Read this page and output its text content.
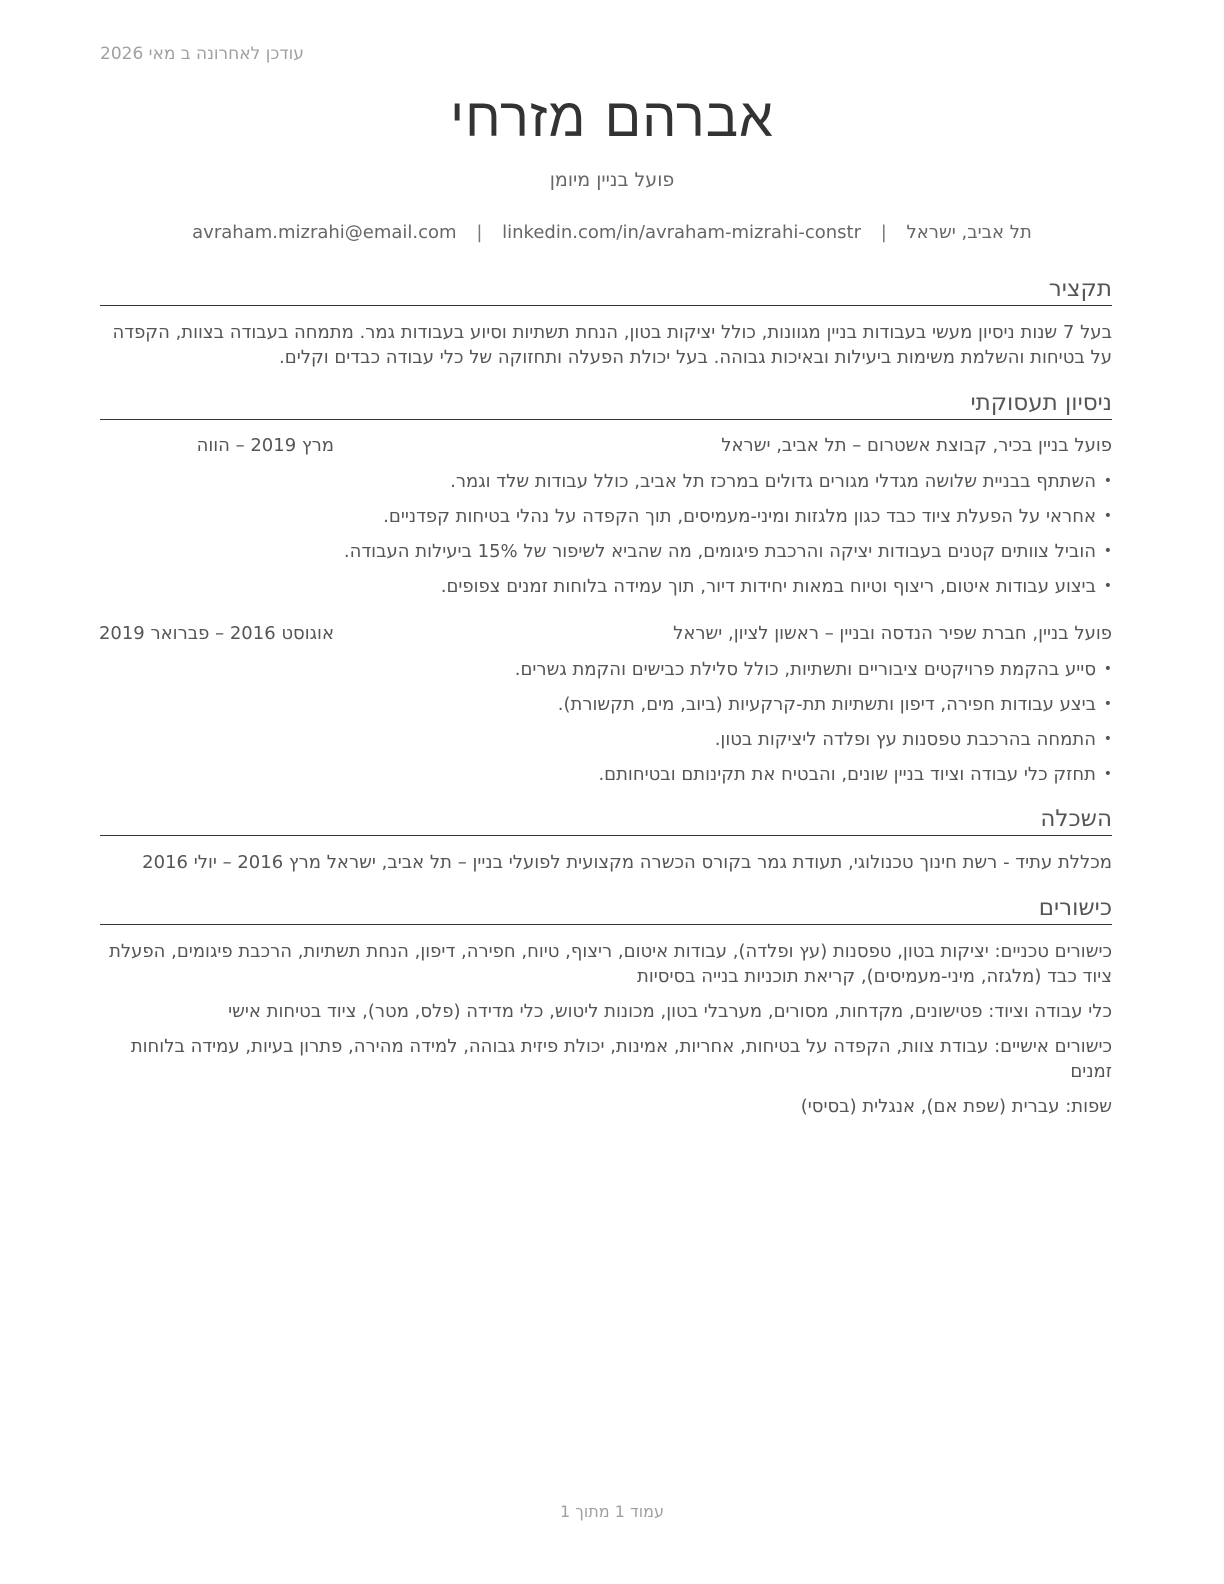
עודכן לאחרונה ב מאי 2026
אברהם מזרחי
פועל בניין מיומן
תל אביב, ישראל | avraham.mizrahi@email.com | linkedin.com/in/avraham-mizrahi-constr
תקציר
בעל 7 שנות ניסיון מעשי בעבודות בניין מגוונות, כולל יציקות בטון, הנחת תשתיות וסיוע בעבודות גמר. מתמחה בעבודה בצוות, הקפדה על בטיחות והשלמת משימות ביעילות ובאיכות גבוהה. בעל יכולת הפעלה ותחזוקה של כלי עבודה כבדים וקלים.
ניסיון תעסוקתי
פועל בניין בכיר, קבוצת אשטרום – תל אביב, ישראל
מרץ 2019 – הווה
• השתתף בבניית שלושה מגדלי מגורים גדולים במרכז תל אביב, כולל עבודות שלד וגמר.
• אחראי על הפעלת ציוד כבד כגון מלגזות ומיני-מעמיסים, תוך הקפדה על נהלי בטיחות קפדניים.
• הוביל צוותים קטנים בעבודות יציקה והרכבת פיגומים, מה שהביא לשיפור של 15% ביעילות העבודה.
• ביצוע עבודות איטום, ריצוף וטיוח במאות יחידות דיור, תוך עמידה בלוחות זמנים צפופים.
פועל בניין, חברת שפיר הנדסה ובניין – ראשון לציון, ישראל
אוגוסט 2016 – פברואר 2019
• סייע בהקמת פרויקטים ציבוריים ותשתיות, כולל סלילת כבישים והקמת גשרים.
• ביצע עבודות חפירה, דיפון ותשתיות תת-קרקעיות (ביוב, מים, תקשורת).
• התמחה בהרכבת טפסנות עץ ופלדה ליציקות בטון.
• תחזק כלי עבודה וציוד בניין שונים, והבטיח את תקינותם ובטיחותם.
השכלה
מכללת עתיד - רשת חינוך טכנולוגי, תעודת גמר בקורס הכשרה מקצועית לפועלי בניין – תל אביב, ישראל מרץ 2016 – יולי 2016
כישורים
כישורים טכניים: יציקות בטון, טפסנות (עץ ופלדה), עבודות איטום, ריצוף, טיוח, חפירה, דיפון, הנחת תשתיות, הרכבת פיגומים, הפעלת ציוד כבד (מלגזה, מיני-מעמיסים), קריאת תוכניות בנייה בסיסיות
כלי עבודה וציוד: פטישונים, מקדחות, מסורים, מערבלי בטון, מכונות ליטוש, כלי מדידה (פלס, מטר), ציוד בטיחות אישי
כישורים אישיים: עבודת צוות, הקפדה על בטיחות, אחריות, אמינות, יכולת פיזית גבוהה, למידה מהירה, פתרון בעיות, עמידה בלוחות זמנים
שפות: עברית (שפת אם), אנגלית (בסיסי)
עמוד 1 מתוך 1
